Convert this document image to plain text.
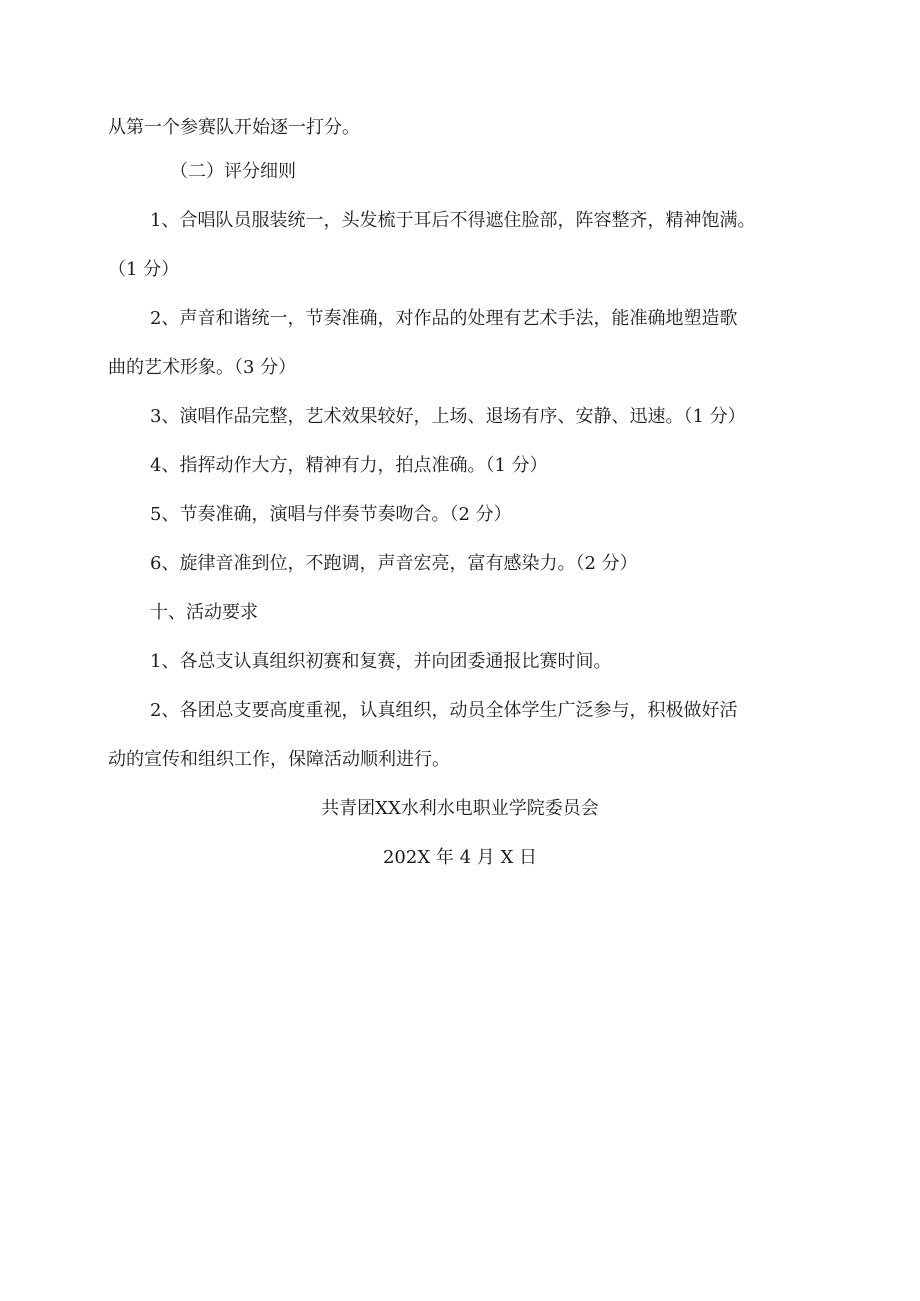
从第一个参赛队开始逐一打分。
（二）评分细则
1、合唱队员服装统一，头发梳于耳后不得遮住脸部，阵容整齐，精神饱满。
（1 分）
2、声音和谐统一，节奏准确，对作品的处理有艺术手法，能准确地塑造歌
曲的艺术形象。（3 分）
3、演唱作品完整，艺术效果较好，上场、退场有序、安静、迅速。（1 分）
4、指挥动作大方，精神有力，拍点准确。（1 分）
5、节奏准确，演唱与伴奏节奏吻合。（2 分）
6、旋律音准到位，不跑调，声音宏亮，富有感染力。（2 分）
十、活动要求
1、各总支认真组织初赛和复赛，并向团委通报比赛时间。
2、各团总支要高度重视，认真组织，动员全体学生广泛参与，积极做好活
动的宣传和组织工作，保障活动顺利进行。
共青团XX水利水电职业学院委员会
202X 年 4 月 X 日
